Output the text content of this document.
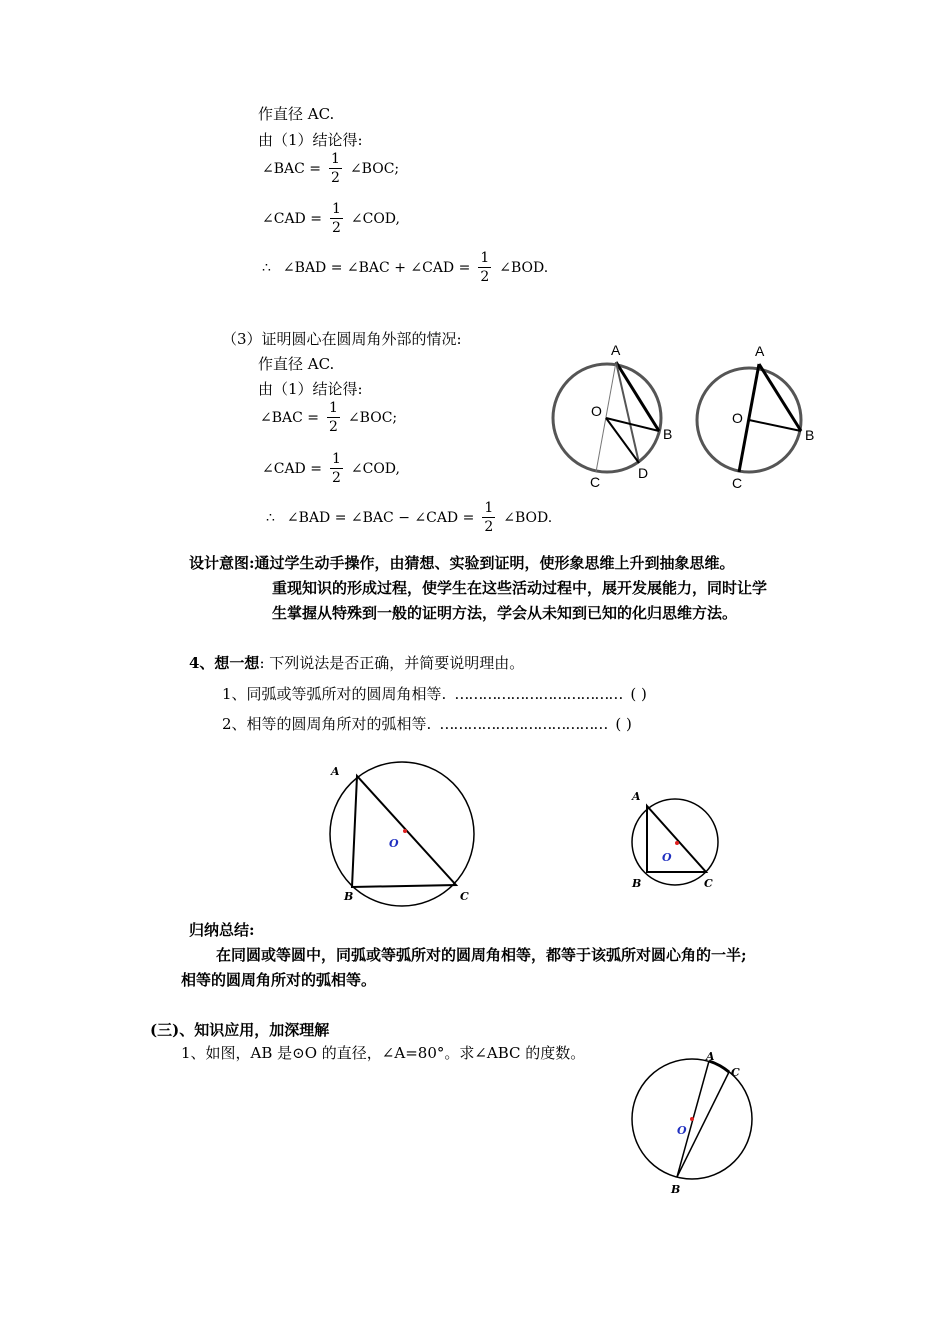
作直径 AC.
由（1）结论得:
∠BAC = $\frac{1}{2}$ ∠BOC;
∠CAD = $\frac{1}{2}$ ∠COD,
∴ ∠BAD = ∠BAC + ∠CAD = $\frac{1}{2}$ ∠BOD.
（3）证明圆心在圆周角外部的情况:
作直径 AC.
由（1）结论得:
∠BAC = $\frac{1}{2}$ ∠BOC;
∠CAD = $\frac{1}{2}$ ∠COD,
∴ ∠BAD = ∠BAC − ∠CAD = $\frac{1}{2}$ ∠BOD.
A
O
B
C
D
A
O
B
C
设计意图:通过学生动手操作，由猜想、实验到证明，使形象思维上升到抽象思维。
重现知识的形成过程，使学生在这些活动过程中，展开发展能力，同时让学
生掌握从特殊到一般的证明方法，学会从未知到已知的化归思维方法。
4、想一想: 下列说法是否正确，并简要说明理由。
1、同弧或等弧所对的圆周角相等. ……………………………… ( )
2、相等的圆周角所对的弧相等. ……………………………… ( )
A
B	C
O
A
B	C
O
归纳总结:
在同圆或等圆中，同弧或等弧所对的圆周角相等，都等于该弧所对圆心角的一半;
相等的圆周角所对的弧相等。
(三)、知识应用，加深理解
1、如图，AB 是⊙O 的直径，∠A=80°。求∠ABC 的度数。	A
C
B
O
